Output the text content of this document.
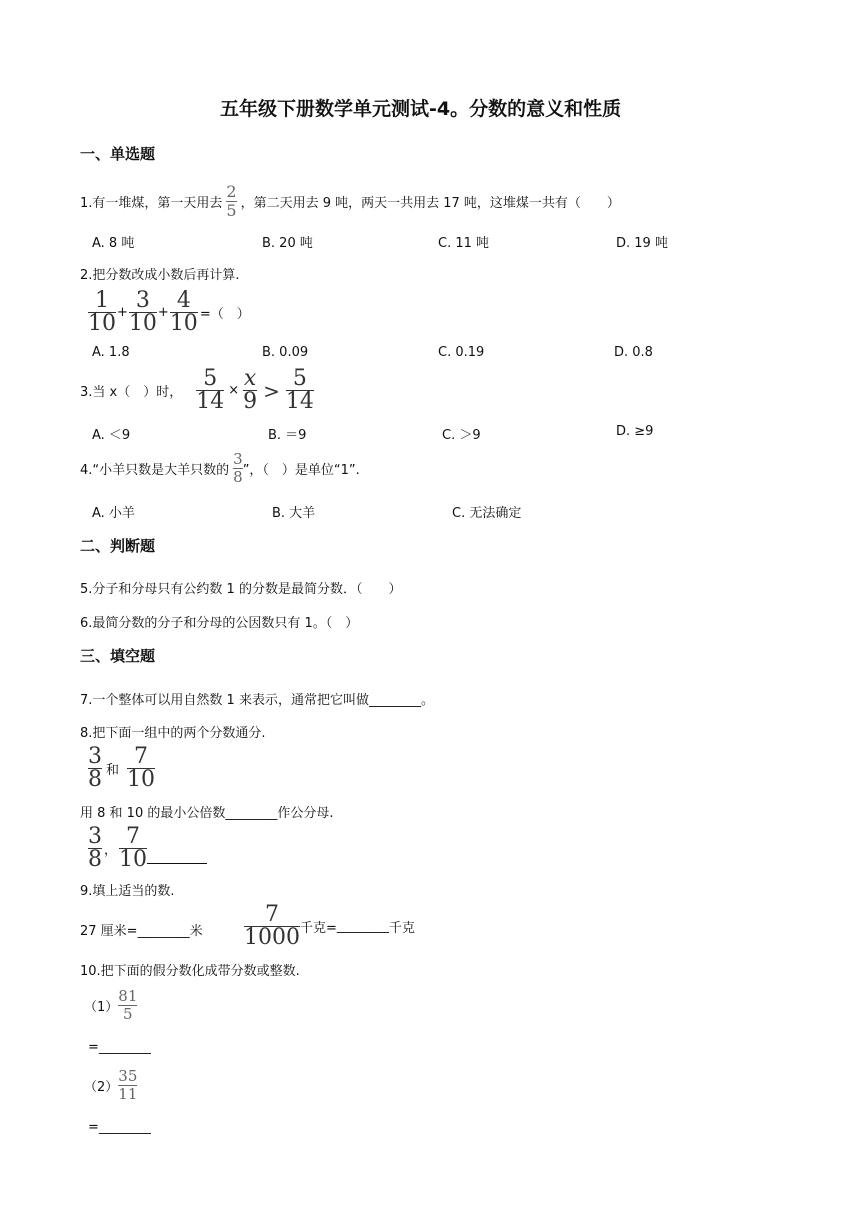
五年级下册数学单元测试-4。分数的意义和性质
一、单选题
1.有一堆煤，第一天用去 $\frac{2}{5}$ ，第二天用去 9 吨，两天一共用去 17 吨，这堆煤一共有（　　）
A. 8 吨	B. 20 吨	C. 11 吨	D. 19 吨
2.把分数改成小数后再计算.
$\frac{1}{10} + \frac{3}{10} + \frac{4}{10}$ =（　）
A. 1.8	B. 0.09	C. 0.19	D. 0.8
3.当 x（　）时， $\frac{5}{14} \times \frac{x}{9} > \frac{5}{14}$
A. ＜9	B. ＝9	C. ＞9	D. ≥9
4.“小羊只数是大羊只数的 $\frac{3}{8}$ ”，（　）是单位“1”.
A. 小羊	B. 大羊	C. 无法确定
二、判断题
5.分子和分母只有公约数 1 的分数是最简分数．（　　）
6.最简分数的分子和分母的公因数只有 1。（　）
三、填空题
7.一个整体可以用自然数 1 来表示，通常把它叫做________。
8.把下面一组中的两个分数通分.
$\frac{3}{8}$ 和 $\frac{7}{10}$
用 8 和 10 的最小公倍数________作公分母.
$\frac{3}{8}$ ， $\frac{7}{10}$
9.填上适当的数.
27 厘米=________米 $\frac{7}{1000}$ 千克= ________ 千克
10.把下面的假分数化成带分数或整数.
$(1) \frac{81}{5}$
=________
$(2) \frac{35}{11}$
=________
